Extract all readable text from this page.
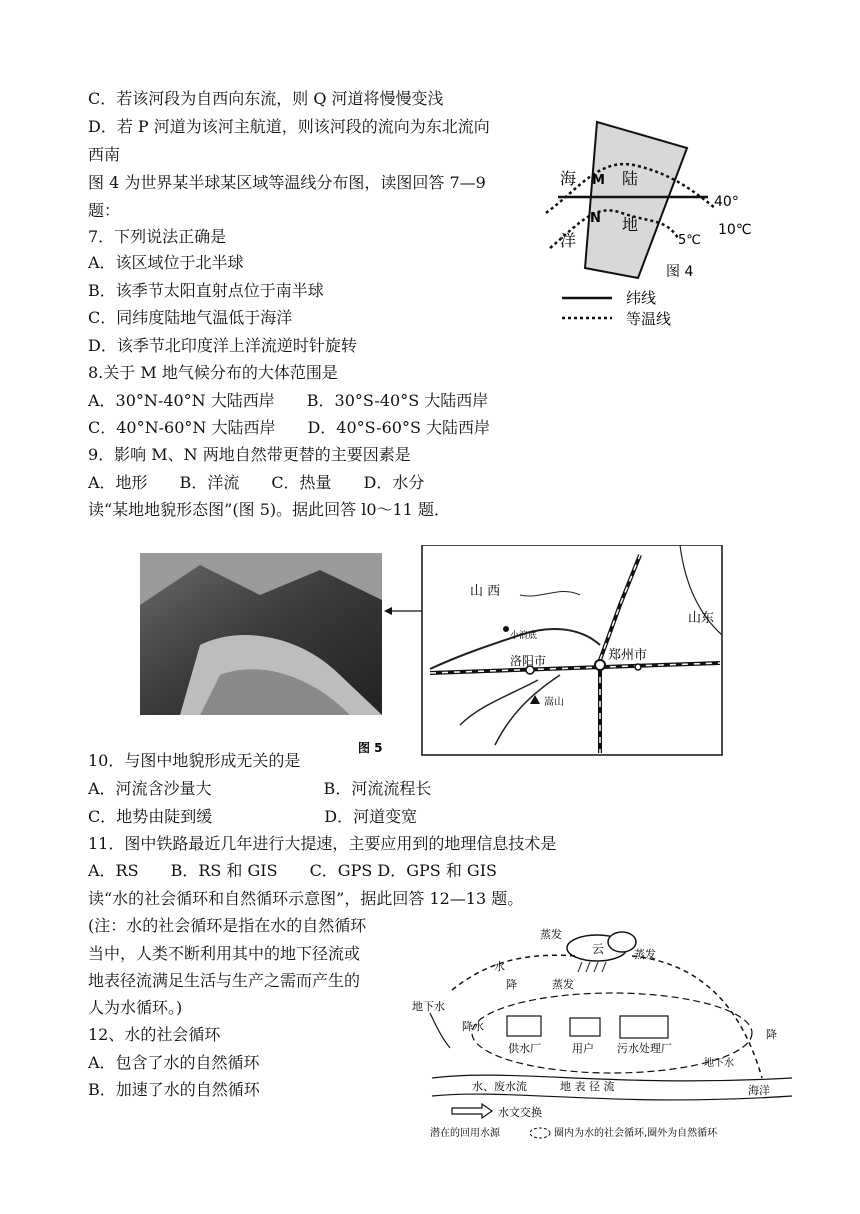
C．若该河段为自西向东流，则 Q 河道将慢慢变浅
D．若 P 河道为该河主航道，则该河段的流向为东北流向
西南
图 4 为世界某半球某区域等温线分布图，读图回答 7—9
题：
7．下列说法正确是
A．该区域位于北半球
B．该季节太阳直射点位于南半球
C．同纬度陆地气温低于海洋
D．该季节北印度洋上洋流逆时针旋转
8.关于 M 地气候分布的大体范围是
A．30°N-40°N 大陆西岸　　B．30°S-40°S 大陆西岸
C．40°N-60°N 大陆西岸　　D．40°S-60°S 大陆西岸
9．影响 M、N 两地自然带更替的主要因素是
A．地形　　B．洋流　　C．热量　　D．水分
读“某地地貌形态图”(图 5)。据此回答 l0～11 题．
10．与图中地貌形成无关的是
A．河流含沙量大　　　　　　　B．河流流程长
C．地势由陡到缓　　　　　　　D．河道变宽
11．图中铁路最近几年进行大提速，主要应用到的地理信息技术是
A．RS　　B．RS 和 GIS　　C．GPS D．GPS 和 GIS
读“水的社会循环和自然循环示意图”，据此回答 12—13 题。
(注：水的社会循环是指在水的自然循环
当中，人类不断利用其中的地下径流或
地表径流满足生活与生产之需而产生的
人为水循环。)
12、水的社会循环
A．包含了水的自然循环
B．加速了水的自然循环
海 M 陆
N 地
洋
40°
10℃
5℃
图 4
纬线
等温线
山 西
山东
小浪底
洛阳市	郑州市
嵩山
图 5
云
蒸发
蒸发
蒸发
水
降
地下水
降水
供水厂	用户 污水处理厂
地下水
降
水、废水流	地 表 径 流	海洋
水文交换
潜在的回用水源	圈内为水的社会循环,圈外为自然循环
